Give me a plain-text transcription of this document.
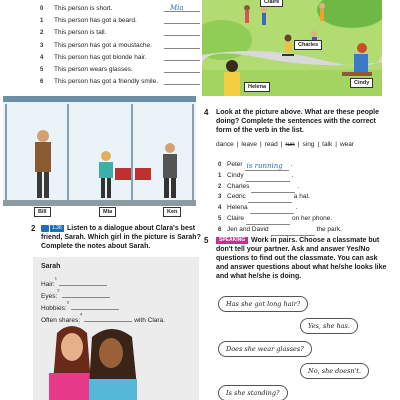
0 This person is short.	Mia
1 This person has got a beard.
2 This person is tall.
3 This person has got a moustache.
4 This person has got blonde hair.
5 This person wears glasses.
6 This person has got a friendly smile.
Claire
Charles
Helena
Cindy
Bill	Mia	Ken
2	1.36 Listen to a dialogue about Clara's best friend, Sarah. Which girl in the picture is Sarah? Complete the notes about Sarah.
Sarah
Hair:$^1$
Eyes:$^2$
Hobbies:$^3$
Often shares:$^4$with Clara.
4 Look at the picture above. What are these people doing? Complete the sentences with the correct form of the verb in the list.
dance | leave | read | run | sing | talk | wear
0 Peter is running .
1 Cindy	.
2 Charles	.
3 Cedric	a hat.
4 Helena	.
5 Claire	on her phone.
6 Jen and David	the park.
5	SPEAKING Work in pairs. Choose a classmate but don't tell your partner. Ask and answer Yes/No questions to find out the classmate. You can ask and answer questions about what he/she looks like and what he/she is doing.
Has she got long hair?
Yes, she has.
Does she wear glasses?
No, she doesn't.
Is she standing?
